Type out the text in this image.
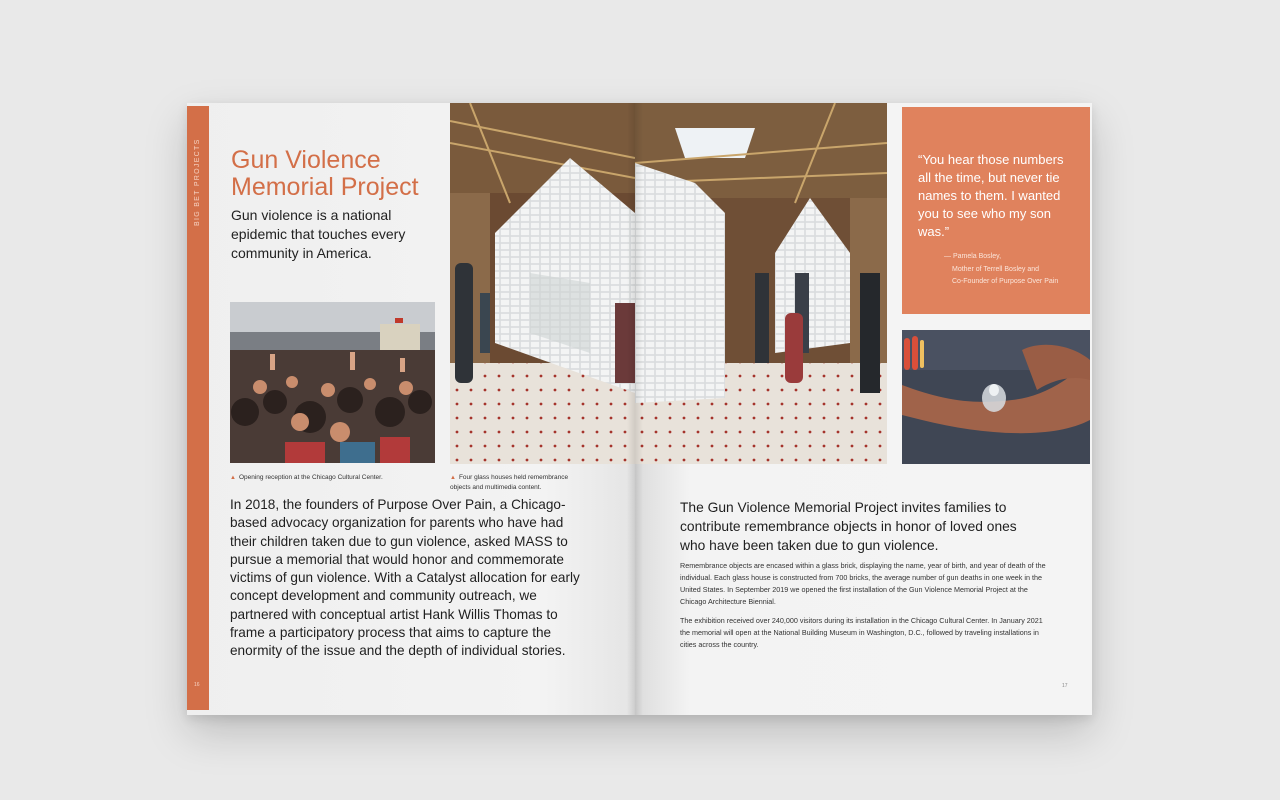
BIG BET PROJECTS
16
Gun Violence Memorial Project

Gun violence is a national epidemic that touches every community in America.

▲ Opening reception at the Chicago Cultural Center.	▲ Four glass houses held remembrance objects and multimedia content.

In 2018, the founders of Purpose Over Pain, a Chicago-based advocacy organization for parents who have had their children taken due to gun violence, asked MASS to pursue a memorial that would honor and commemorate victims of gun violence. With a Catalyst allocation for early concept development and community outreach, we partnered with conceptual artist Hank Willis Thomas to frame a participatory process that aims to capture the enormity of the issue and the depth of individual stories.

“You hear those numbers all the time, but never tie names to them. I wanted you to see who my son was.”

— Pamela Bosley,
Mother of Terrell Bosley and
Co-Founder of Purpose Over Pain

The Gun Violence Memorial Project invites families to contribute remembrance objects in honor of loved ones who have been taken due to gun violence.

Remembrance objects are encased within a glass brick, displaying the name, year of birth, and year of death of the individual. Each glass house is constructed from 700 bricks, the average number of gun deaths in one week in the United States. In September 2019 we opened the first installation of the Gun Violence Memorial Project at the Chicago Architecture Biennial.

The exhibition received over 240,000 visitors during its installation in the Chicago Cultural Center. In January 2021 the memorial will open at the National Building Museum in Washington, D.C., followed by traveling installations in cities across the country.

17
